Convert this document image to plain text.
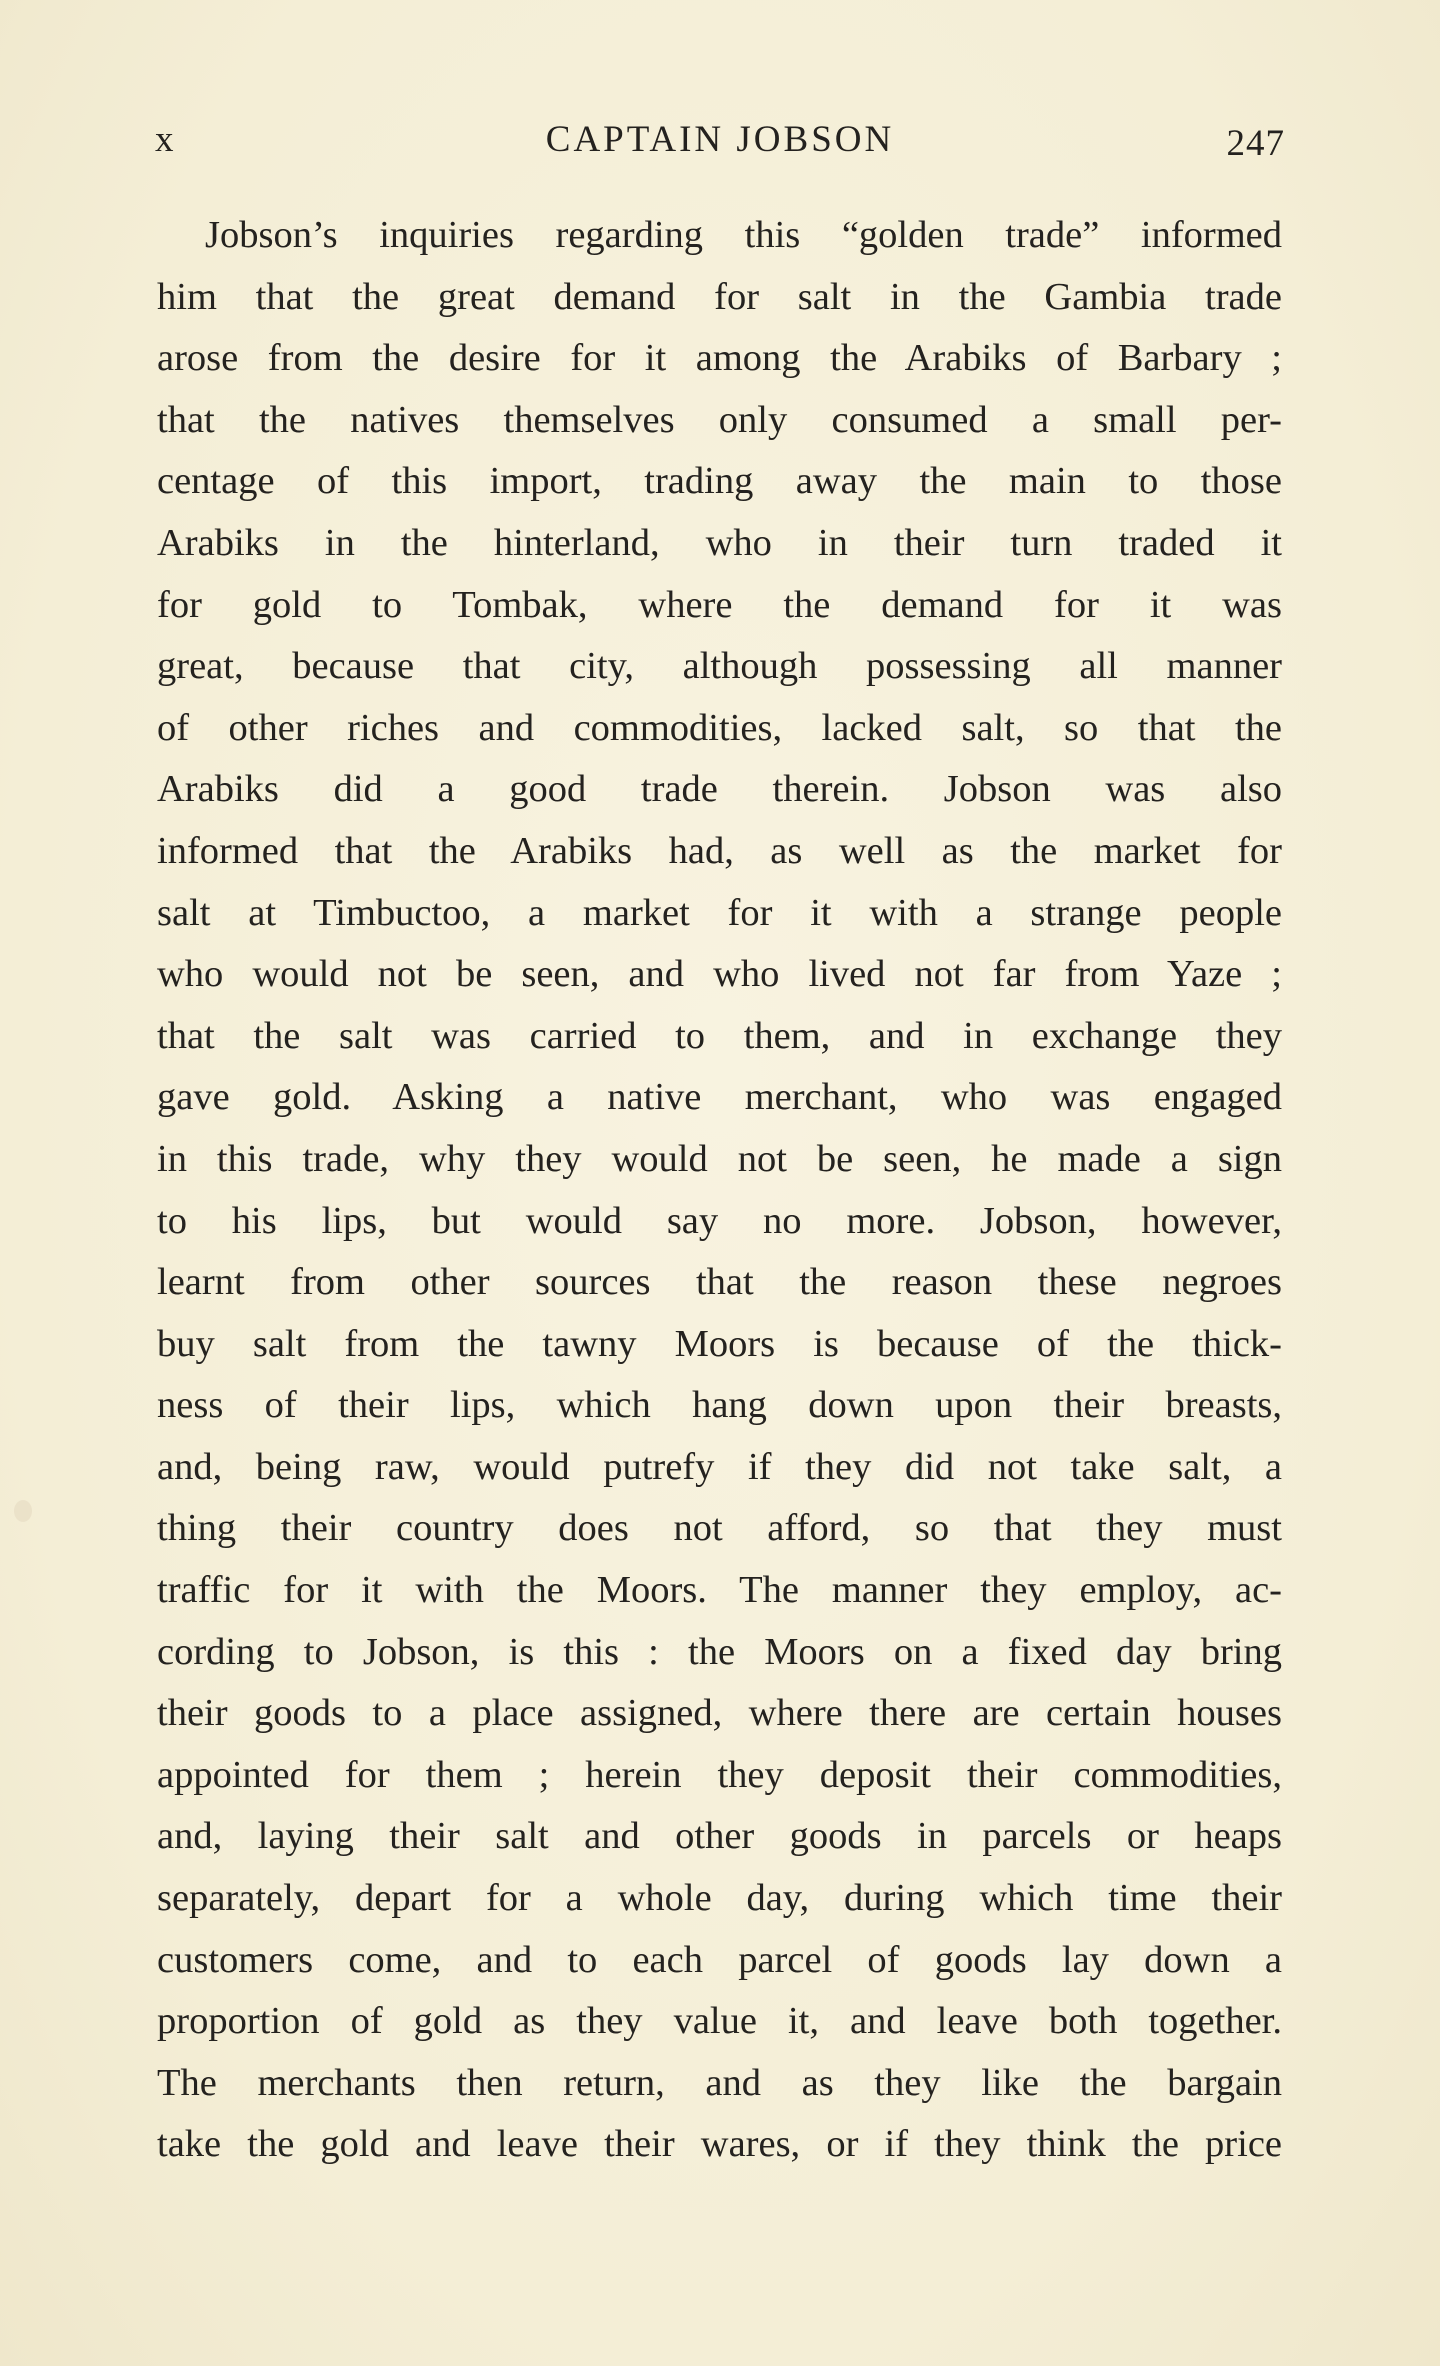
x	CAPTAIN JOBSON	247
Jobson’s inquiries regarding this “golden trade” informed
him that the great demand for salt in the Gambia trade
arose from the desire for it among the Arabiks of Barbary ;
that the natives themselves only consumed a small per-
centage of this import, trading away the main to those
Arabiks in the hinterland, who in their turn traded it
for gold to Tombak, where the demand for it was
great, because that city, although possessing all manner
of other riches and commodities, lacked salt, so that the
Arabiks did a good trade therein. Jobson was also
informed that the Arabiks had, as well as the market for
salt at Timbuctoo, a market for it with a strange people
who would not be seen, and who lived not far from Yaze ;
that the salt was carried to them, and in exchange they
gave gold. Asking a native merchant, who was engaged
in this trade, why they would not be seen, he made a sign
to his lips, but would say no more. Jobson, however,
learnt from other sources that the reason these negroes
buy salt from the tawny Moors is because of the thick-
ness of their lips, which hang down upon their breasts,
and, being raw, would putrefy if they did not take salt, a
thing their country does not afford, so that they must
traffic for it with the Moors. The manner they employ, ac-
cording to Jobson, is this : the Moors on a fixed day bring
their goods to a place assigned, where there are certain houses
appointed for them ; herein they deposit their commodities,
and, laying their salt and other goods in parcels or heaps
separately, depart for a whole day, during which time their
customers come, and to each parcel of goods lay down a
proportion of gold as they value it, and leave both together.
The merchants then return, and as they like the bargain
take the gold and leave their wares, or if they think the price
